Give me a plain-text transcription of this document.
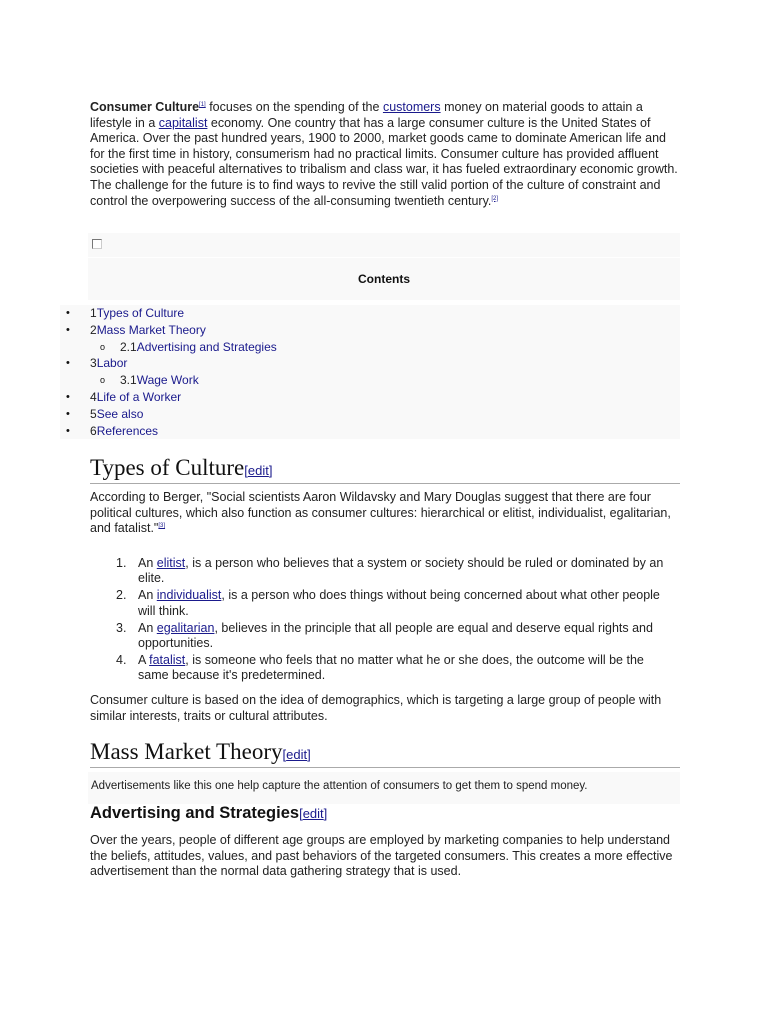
Consumer Culture[1] focuses on the spending of the customers money on material goods to attain a lifestyle in a capitalist economy. One country that has a large consumer culture is the United States of America. Over the past hundred years, 1900 to 2000, market goods came to dominate American life and for the first time in history, consumerism had no practical limits. Consumer culture has provided affluent societies with peaceful alternatives to tribalism and class war, it has fueled extraordinary economic growth. The challenge for the future is to find ways to revive the still valid portion of the culture of constraint and control the overpowering success of the all-consuming twentieth century.[2]

Contents
• 1Types of Culture
• 2Mass Market Theory
o 2.1Advertising and Strategies
• 3Labor
o 3.1Wage Work
• 4Life of a Worker
• 5See also
• 6References
Types of Culture[edit]

According to Berger, "Social scientists Aaron Wildavsky and Mary Douglas suggest that there are four political cultures, which also function as consumer cultures: hierarchical or elitist, individualist, egalitarian, and fatalist."[3]

1. An elitist, is a person who believes that a system or society should be ruled or dominated by an elite.
2. An individualist, is a person who does things without being concerned about what other people will think.
3. An egalitarian, believes in the principle that all people are equal and deserve equal rights and opportunities.
4. A fatalist, is someone who feels that no matter what he or she does, the outcome will be the same because it's predetermined.

Consumer culture is based on the idea of demographics, which is targeting a large group of people with similar interests, traits or cultural attributes.

Mass Market Theory[edit]
Advertisements like this one help capture the attention of consumers to get them to spend money.
Advertising and Strategies[edit]

Over the years, people of different age groups are employed by marketing companies to help understand the beliefs, attitudes, values, and past behaviors of the targeted consumers. This creates a more effective advertisement than the normal data gathering strategy that is used.
